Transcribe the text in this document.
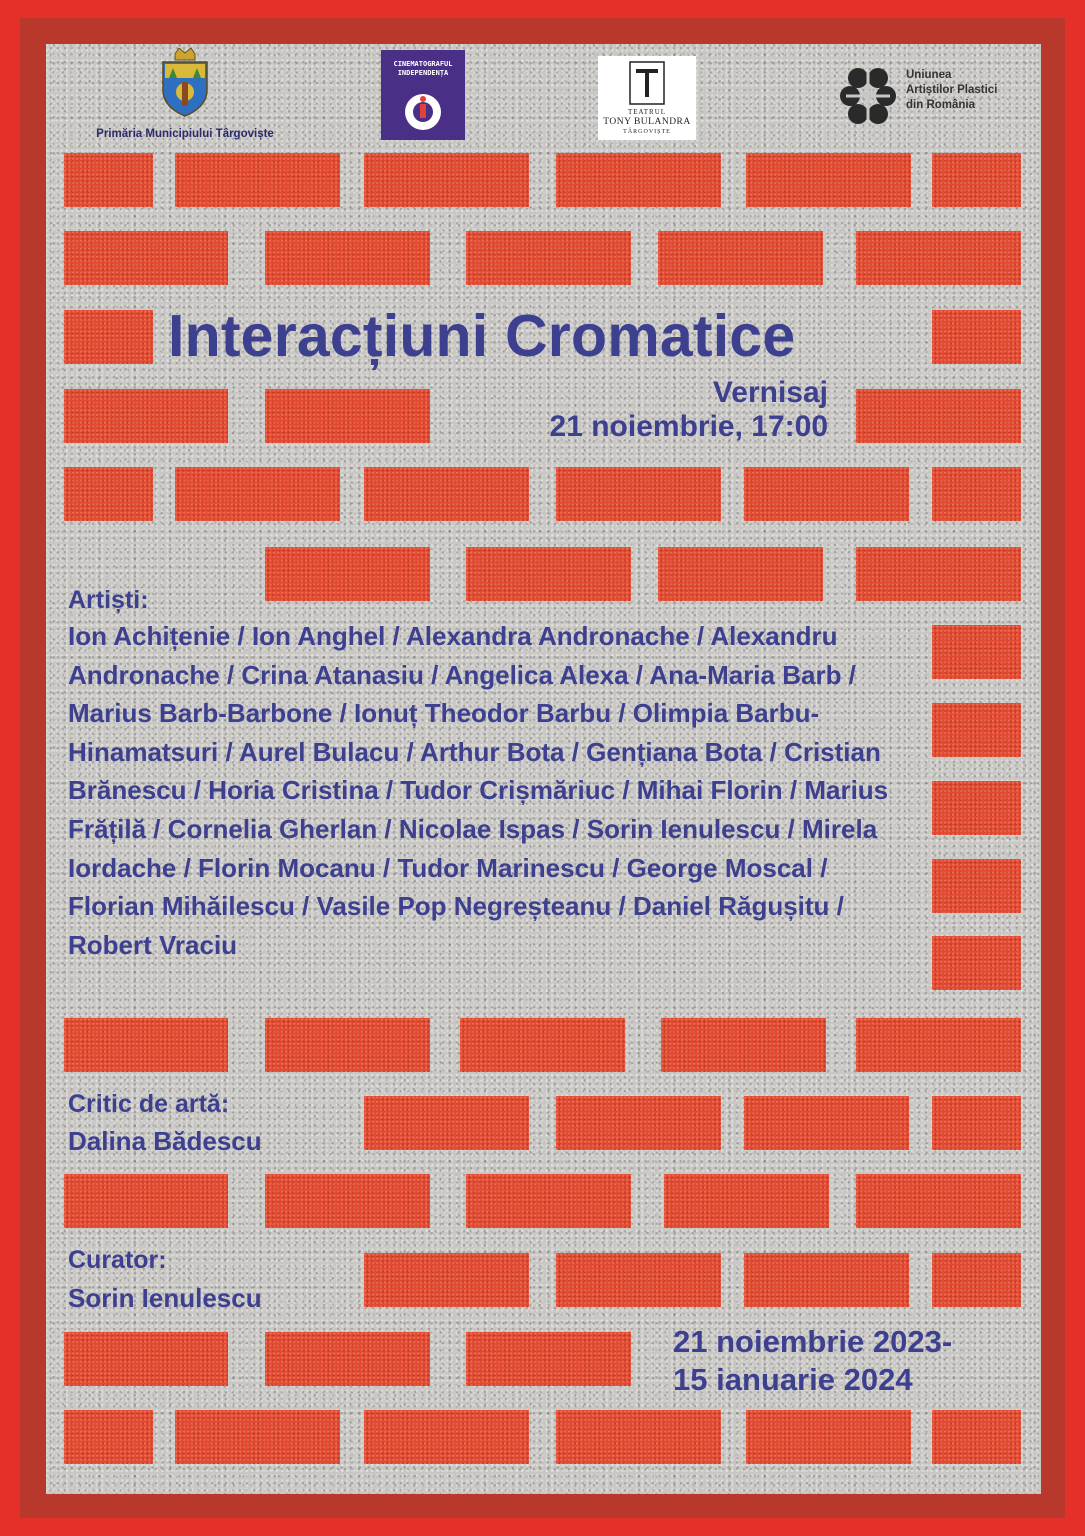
Primăria Municipiului Târgoviște
CINEMATOGRAFUL
INDEPENDENȚA
TEATRUL
TONY BULANDRA
TÂRGOVIȘTE
Uniunea
Artiștilor Plastici
din România
Interacțiuni Cromatice
Vernisaj
21 noiembrie, 17:00
Artiști:
Ion Achițenie / Ion Anghel / Alexandra Andronache / Alexandru Andronache / Crina Atanasiu / Angelica Alexa / Ana-Maria Barb / Marius Barb-Barbone / Ionuț Theodor Barbu / Olimpia Barbu-Hinamatsuri / Aurel Bulacu / Arthur Bota / Gențiana Bota / Cristian Brănescu / Horia Cristina / Tudor Crișmăriuc / Mihai Florin / Marius Frățilă / Cornelia Gherlan / Nicolae Ispas / Sorin Ienulescu / Mirela Iordache / Florin Mocanu / Tudor Marinescu / George Moscal / Florian Mihăilescu / Vasile Pop Negreșteanu / Daniel Răgușitu / Robert Vraciu
Critic de artă:
Dalina Bădescu
Curator:
Sorin Ienulescu
21 noiembrie 2023-
15 ianuarie 2024
